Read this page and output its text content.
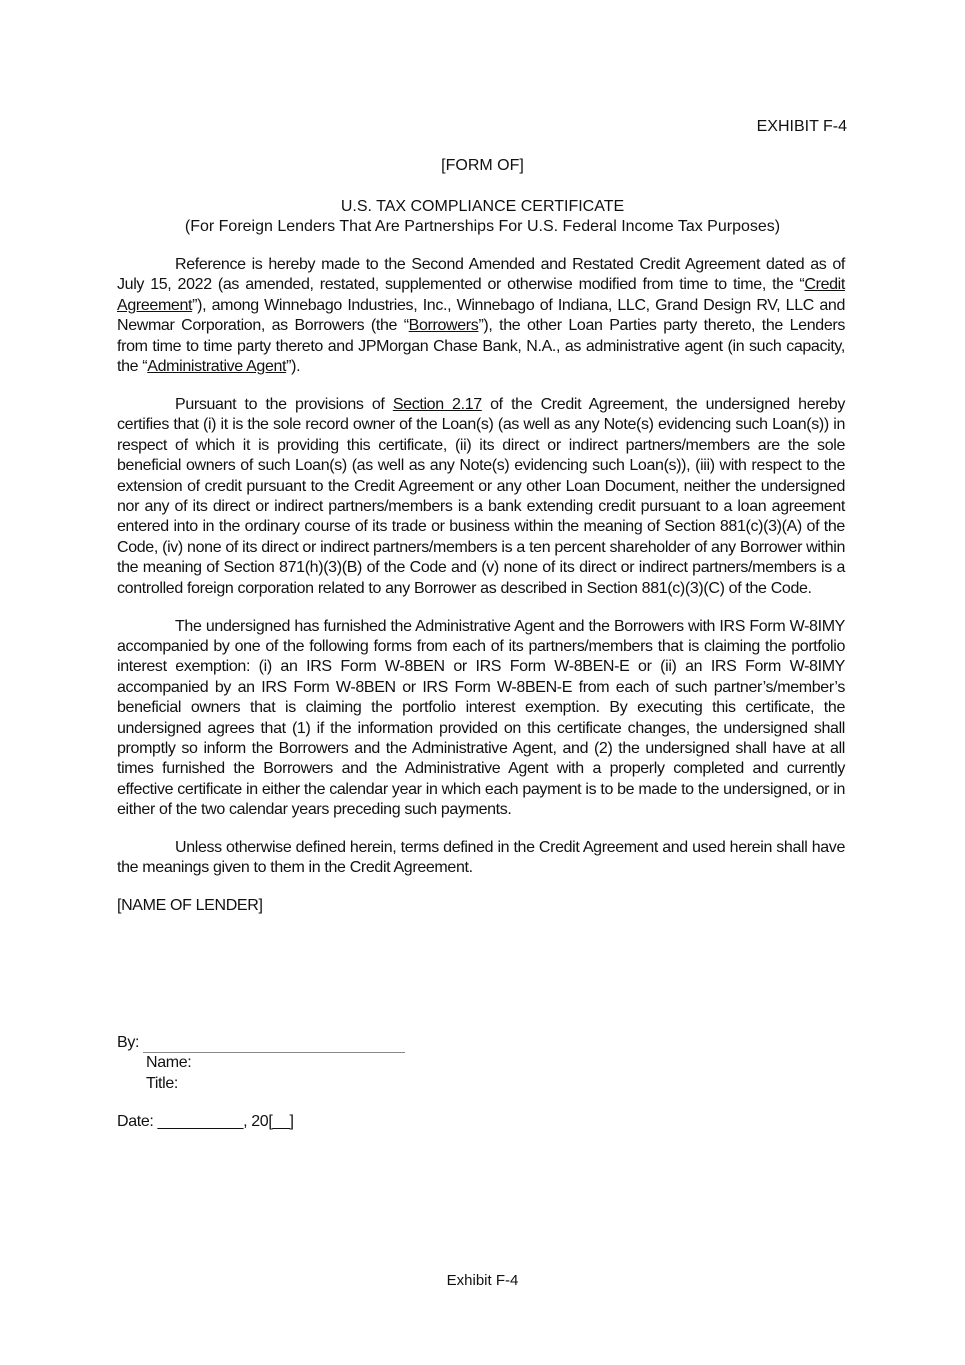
EXHIBIT F-4
[FORM OF]
U.S. TAX COMPLIANCE CERTIFICATE
(For Foreign Lenders That Are Partnerships For U.S. Federal Income Tax Purposes)

Reference is hereby made to the Second Amended and Restated Credit Agreement dated as of July 15, 2022 (as amended, restated, supplemented or otherwise modified from time to time, the “Credit Agreement”), among Winnebago Industries, Inc., Winnebago of Indiana, LLC, Grand Design RV, LLC and Newmar Corporation, as Borrowers (the “Borrowers”), the other Loan Parties party thereto, the Lenders from time to time party thereto and JPMorgan Chase Bank, N.A., as administrative agent (in such capacity, the “Administrative Agent”).

Pursuant to the provisions of Section 2.17 of the Credit Agreement, the undersigned hereby certifies that (i) it is the sole record owner of the Loan(s) (as well as any Note(s) evidencing such Loan(s)) in respect of which it is providing this certificate, (ii) its direct or indirect partners/members are the sole beneficial owners of such Loan(s) (as well as any Note(s) evidencing such Loan(s)), (iii) with respect to the extension of credit pursuant to the Credit Agreement or any other Loan Document, neither the undersigned nor any of its direct or indirect partners/members is a bank extending credit pursuant to a loan agreement entered into in the ordinary course of its trade or business within the meaning of Section 881(c)(3)(A) of the Code, (iv) none of its direct or indirect partners/members is a ten percent shareholder of any Borrower within the meaning of Section 871(h)(3)(B) of the Code and (v) none of its direct or indirect partners/members is a controlled foreign corporation related to any Borrower as described in Section 881(c)(3)(C) of the Code.

The undersigned has furnished the Administrative Agent and the Borrowers with IRS Form W-8IMY accompanied by one of the following forms from each of its partners/members that is claiming the portfolio interest exemption: (i) an IRS Form W-8BEN or IRS Form W-8BEN-E or (ii) an IRS Form W-8IMY accompanied by an IRS Form W-8BEN or IRS Form W-8BEN-E from each of such partner’s/member’s beneficial owners that is claiming the portfolio interest exemption. By executing this certificate, the undersigned agrees that (1) if the information provided on this certificate changes, the undersigned shall promptly so inform the Borrowers and the Administrative Agent, and (2) the undersigned shall have at all times furnished the Borrowers and the Administrative Agent with a properly completed and currently effective certificate in either the calendar year in which each payment is to be made to the undersigned, or in either of the two calendar years preceding such payments.

Unless otherwise defined herein, terms defined in the Credit Agreement and used herein shall have the meanings given to them in the Credit Agreement.

[NAME OF LENDER]

By:
Name:
Title:
Date: __________, 20[__]
Exhibit F-4
